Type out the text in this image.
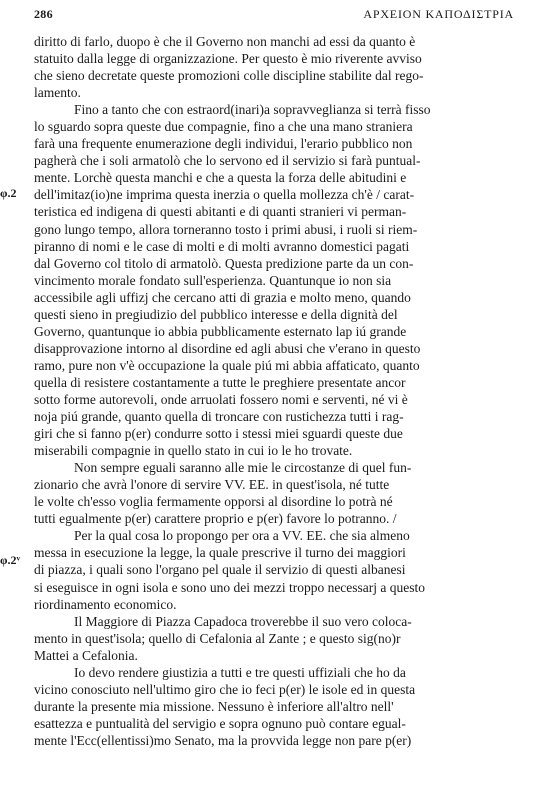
286	ΑΡΧΕΙΟΝ ΚΑΠΟΔΙΣΤΡΙΑ
φ.2
φ.2ᵛ

diritto di farlo, duopo è che il Governo non manchi ad essi da quanto è
statuito dalla legge di organizzazione. Per questo è mio riverente avviso
che sieno decretate queste promozioni colle discipline stabilite dal rego-
lamento.

Fino a tanto che con estraord(inari)a sopravveglianza si terrà fisso
lo sguardo sopra queste due compagnie, fino a che una mano straniera
farà una frequente enumerazione degli individui, l'erario pubblico non
pagherà che i soli armatolò che lo servono ed il servizio si farà puntual-
mente. Lorchè questa manchi e che a questa la forza delle abitudini e
dell'imitaz(io)ne imprima questa inerzia o quella mollezza ch'è / carat-
teristica ed indigena di questi abitanti e di quanti stranieri vi perman-
gono lungo tempo, allora torneranno tosto i primi abusi, i ruoli si riem-
piranno di nomi e le case di molti e di molti avranno domestici pagati
dal Governo col titolo di armatolò. Questa predizione parte da un con-
vincimento morale fondato sull'esperienza. Quantunque io non sia
accessibile agli uffizj che cercano atti di grazia e molto meno, quando
questi sieno in pregiudizio del pubblico interesse e della dignità del
Governo, quantunque io abbia pubblicamente esternato lap iú grande
disapprovazione intorno al disordine ed agli abusi che v'erano in questo
ramo, pure non v'è occupazione la quale piú mi abbia affaticato, quanto
quella di resistere costantamente a tutte le preghiere presentate ancor
sotto forme autorevoli, onde arruolati fossero nomi e serventi, né vi è
noja piú grande, quanto quella di troncare con rustichezza tutti i rag-
giri che si fanno p(er) condurre sotto i stessi miei sguardi queste due
miserabili compagnie in quello stato in cui io le ho trovate.

Non sempre eguali saranno alle mie le circostanze di quel fun-
zionario che avrà l'onore di servire VV. EE. in quest'isola, né tutte
le volte ch'esso voglia fermamente opporsi al disordine lo potrà né
tutti egualmente p(er) carattere proprio e p(er) favore lo potranno. /

Per la qual cosa lo propongo per ora a VV. EE. che sia almeno
messa in esecuzione la legge, la quale prescrive il turno dei maggiori
di piazza, i quali sono l'organo pel quale il servizio di questi albanesi
si eseguisce in ogni isola e sono uno dei mezzi troppo necessarj a questo
riordinamento economico.

Il Maggiore di Piazza Capadoca troverebbe il suo vero coloca-
mento in quest'isola; quello di Cefalonia al Zante ; e questo sig(no)r
Mattei a Cefalonia.

Io devo rendere giustizia a tutti e tre questi uffiziali che ho da
vicino conosciuto nell'ultimo giro che io feci p(er) le isole ed in questa
durante la presente mia missione. Nessuno è inferiore all'altro nell'
esattezza e puntualità del servigio e sopra ognuno può contare egual-
mente l'Ecc(ellentissi)mo Senato, ma la provvida legge non pare p(er)
